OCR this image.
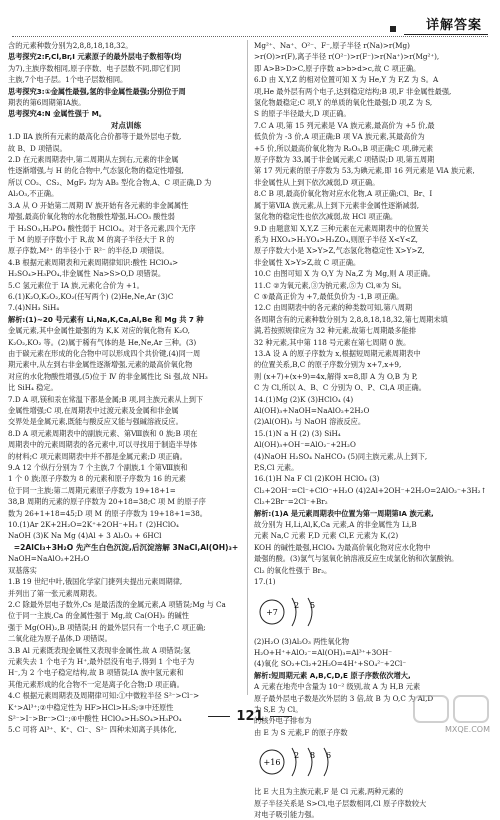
详解答案
含的元素种数分别为2,8,8,18,18,32。
思考探究2:F,Cl,Br,I 元素原子的最外层电子数相等(均
为7),主族序数相同,原子序数、电子层数不同,即它们同
主族,7个电子层。1个电子层数相同。
思考探究3:①金属性最强,氢的非金属性最强;分别位于周
期表的第6周期第ⅠA族。
思考探究4:N 金属性强于 M。
对点训练
1.D ⅡA 族所有元素的最高化合价都等于最外层电子数,
故 B、D 项错误。
2.D 在元素周期表中,第二周期从左到右,元素的非金属
性逐渐增强,与 H 的化合物中,气态氢化物的稳定性增强,
所以 CO₂、CS₂、MgF₂ 均为 AB₂ 型化合物,A、C 项正确,D 为
Al₂O₃,不正确。
3.A 从 O 开始第二周期 Ⅳ 族开始有各元素的非金属属性
增强,最高价氧化物的水化物酸性增强,H₂CO₃ 酸性弱
于 H₂SO₃,H₃PO₄ 酸性弱于 HClO₄。对于各元素,四个无序
于 M 的原子序数小于 R,故 M 的离子半径大于 R 的
原子序数,M²⁺ 的半径小于 R²⁻ 的半径,D 项错误。
4.B 根据元素周期表和元素周期律知识:酸性 HClO₄>
H₂SO₄>H₃PO₄,非金属性 Na>S>O,D 项错误。
5.C 氢元素位于 ⅠA 族,元素化合价为 +1。
6.(1)K₂O,K₂O₂,KO₂(任写两个) (2)He,Ne,Ar (3)C
7.(4)NH₃ SiH₄
解析:(1)~20 号元素有 Li,Na,K,Ca,Al,Be 和 Mg 共 7 种
金属元素,其中金属性最强的为 K,K 对应的氧化物有 K₂O,
K₂O₂,KO₂ 等。(2)属于稀有气体的是 He,Ne,Ar 三种。(3)
由于碳元素在形成的化合物中可以形成四个共价键,(4)同一周
期元素中,从左到右非金属性逐渐增强,元素的最高价氧化物
对应的水化物酸性增强,(5)位于 Ⅳ 的非金属性比 Si 强,故 NH₃
比 SiH₄ 稳定。
7.D A 项,镁和汞在常温下都是金属;B 项,同主族元素从上到下
金属性增强;C 项,在周期表中过渡元素及金属和非金属
交界处是金属元素,既能与酸反应又能与强碱溶液反应。
8.D A 项元素周期表中的副族元素、第Ⅷ族和 0 族;B 项在
周期表中的元素周期表的各元素中,可以寻找用于制造半导体
的材料;C 项元素周期表中并不都是金属元素;D 项正确。
9.A 12 个纵行分别为 7 个主族,7 个副族,1 个第Ⅷ族和
1 个 0 族;原子序数为 8 的元素和原子序数为 16 的元素
位于同一主族;第二周期元素原子序数为 19+18+1=
38,B 周期的元素的原子序数为 20+18=38;C 项 M 的原子序
数为 26+1+18=45;D 项 M 的原子序数为 19+18+1=38。
10.(1)Ar 2K+2H₂O=2K⁺+2OH⁻+H₂↑ (2)HClO₄
NaOH (3)K Na Mg (4)Al + 3 Al₂O₃ + 6HCl
=2AlCl₃+3H₂O 先产生白色沉淀,后沉淀溶解 3NaCl,Al(OH)₃+
NaOH=NaAlO₂+2H₂O
双基落实
1.B 19 世纪中叶,俄国化学家门捷列夫提出元素周期律,
并列出了第一张元素周期表。
2.C 除最外层电子数外,Cs 是最活泼的金属元素,A 项错误;Mg 与 Ca
位于同一主族,Ca 的金属性强于 Mg,故 Ca(OH)₂ 的碱性
强于 Mg(OH)₂,B 项错误;H 的最外层只有一个电子,C 项正确;
二氧化硅为原子晶体,D 项错误。
3.B Al 元素既表现金属性又表现非金属性,故 A 项错误;氢
元素失去 1 个电子为 H⁺,最外层没有电子,得到 1 个电子为
H⁻,为 2 个电子稳定结构,故 B 项错误;ⅠA 族中氢元素和
其他元素形成的化合物不一定是离子化合物;D 项正确。
4.C 根据元素周期表及周期律可知:①中微粒半径 S²⁻>Cl⁻>
K⁺>Al³⁺;②中稳定性为 HF>HCl>H₂S;③中还原性
S²⁻>I⁻>Br⁻>Cl⁻;④中酸性 HClO₄>H₂SO₄>H₃PO₄
5.C 可将 Al³⁺、K⁺、Cl⁻、S²⁻ 四种未知离子具体化,
Mg²⁺、Na⁺、O²⁻、F⁻,原子半径 r(Na)>r(Mg)
>r(O)>r(F),离子半径 r(O²⁻)>r(F⁻)>r(Na⁺)>r(Mg²⁺),
即 A>B>D>C,原子序数 a>b>d>c,故 C 项正确。
6.D 由 X,Y,Z 的相对位置可知 X 为 He,Y 为 F,Z 为 S。A
项,He 最外层有两个电子,达到稳定结构;B 项,F 非金属性最强,
氢化物最稳定;C 项,Y 的单质的氧化性最强;D 项,Z 为 S,
S 的原子半径最大,D 项正确。
7.C A 项,第 15 列元素是 ⅤA 族元素,最高价为 +5 价,最
低负价为 -3 价,A 项正确;B 项 ⅤA 族元素,其最高价为
+5 价,所以最高价氧化物为 R₂O₅,B 项正确;C 项,砷元素
原子序数为 33,属于非金属元素,C 项错误;D 项,第五周期
第 17 列元素的原子序数为 53,为碘元素,即 16 列元素是 ⅥA 族元素,
非金属性从上到下依次减弱,D 项正确。
8.C B 项,最高价氧化物对应水化物,A 项正确;Cl、Br、I
属于第ⅦA 族元素,从上到下元素非金属性逐渐减弱,
氢化物的稳定性也依次减弱,故 HCl 项正确。
9.D 由题意知 X,Y,Z 三种元素在元素周期表中的位置关
系为 HXO₄>H₂YO₄>H₃ZO₄,则原子半径 X<Y<Z,
原子序数大小是 X>Y>Z,气态氢化物稳定性 X>Y>Z,
非金属性 X>Y>Z,故 C 项正确。
10.C 由图可知 X 为 O,Y 为 Na,Z 为 Mg,则 A 项正确。
11.C ②为氧元素,③为钠元素,⑤为 Cl,④为 Si。
C ⑤最高正价为 +7,最低负价为 -1,B 项正确。
12.C 由周期表中的各元素的种类数可知,第八周期
各周期含有的元素种数分别为 2,8,8,18,18,32,第七周期未填
满,若按照规律应为 32 种元素,故第七周期最多能排
32 种元素,其中第 118 号元素在第七周期 0 族。
13.A 设 A 的原子序数为 x,根据短周期元素周期表中
的位置关系,B,C 的原子序数分别为 x+7,x+9,
则 (x+7)+(x+9)=4x,解得 x=8,即 A 为 O,B 为 P,
C 为 Cl,所以 A、B、C 分别为 O、P、Cl,A 项正确。
14.(1)Mg (2)K (3)HClO₄ (4)
Al(OH)₃+NaOH=NaAlO₂+2H₂O
(2)Al(OH)₃ 与 NaOH 溶液反应。
15.(1)N a H (2) (3) SiH₄
Al(OH)₃+OH⁻=AlO₂⁻+2H₂O
(4)NaOH H₂SO₄ NaHCO₃ (5)同主族元素,从上到下,
P,S,Cl 元素。
16.(1)H Na F Cl (2)KOH HClO₄ (3)
Cl₂+2OH⁻=Cl⁻+ClO⁻+H₂O (4)2Al+2OH⁻+2H₂O=2AlO₂⁻+3H₂↑
Cl₂+2Br⁻=2Cl⁻+Br₂
解析:(1)A 是元素周期表中位置为第一周期第ⅠA 族元素,
故分别为 H,Li,Al,K,Ca 元素,A 的非金属性为 Li,B
元素 Na,C 元素 F,D 元素 Cl,E 元素为 K,(2)
KOH 的碱性最强,HClO₄ 为最高价氧化物对应水化物中
最强的酸。(3)氯气与氢氧化钠溶液反应生成氯化钠和次氯酸钠。
Cl₂ 的氧化性强于 Br₂。
17.(1)
+7
2 5
(2)H₂O (3)Al₂O₃ 两性氧化物
H₂O+H⁺+AlO₂⁻=Al(OH)₃=Al³⁺+3OH⁻
(4)氧化 SO₂+Cl₂+2H₂O=4H⁺+SO₄²⁻+2Cl⁻
解析:短周期元素 A,B,C,D,E 原子序数依次增大,
A 元素在地壳中含量为 10⁻² 级别,故 A 为 H,B 元素
原子最外层电子数是次外层的 3 倍,故 B 为 O,C 为 Al,D
为 S,E 为 Cl。
的核外电子排布为
由 E 为 S 元素,F 的原子序数
+16
2 8 6
比 E 大且为主族元素,F 是 Cl 元素,两种元素的
原子半径关系是 S>Cl,电子层数相同,Cl 原子序数较大
对电子吸引能力强。
121
MXQE.COM
